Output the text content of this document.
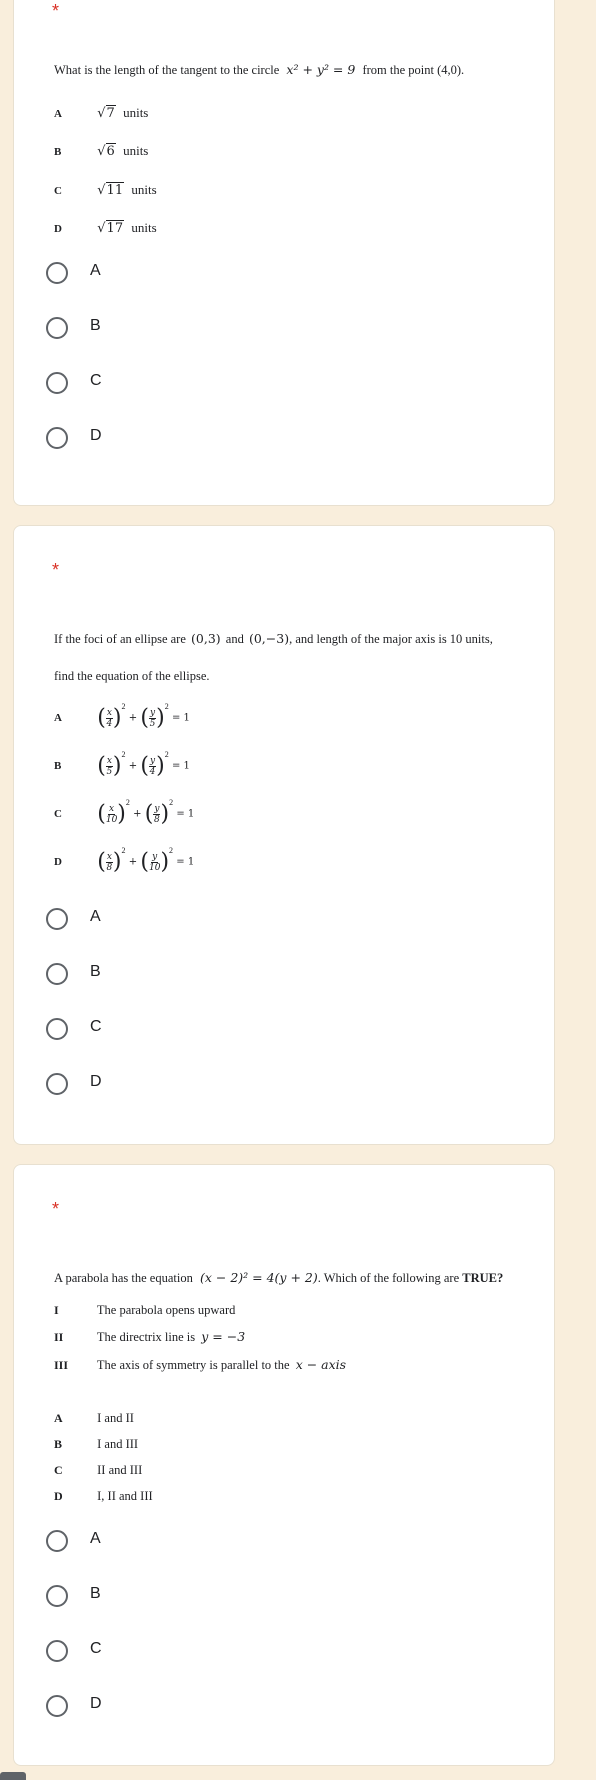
*
What is the length of the tangent to the circle x² + y² = 9 from the point (4,0).
A	√7 units
B	√6 units
C	√11 units
D	√17 units
A
B
C
D
*
If the foci of an ellipse are (0,3) and (0,−3), and length of the major axis is 10 units,
find the equation of the ellipse.
A ( $\frac{x}{4} )^2$ + ( $\frac{y}{5} )^2 = 1$
B ( $\frac{x}{5} )^2$ + ( $\frac{y}{4} )^2 = 1$
C ( $\frac{x}{10} )^2$ + ( $\frac{y}{8} )^2 = 1$
D ( $\frac{x}{8} )^2$ + ( $\frac{y}{10} )^2 = 1$
A
B
C
D
*
A parabola has the equation (x − 2)² = 4(y + 2). Which of the following are TRUE?
I	The parabola opens upward
II	The directrix line is y = −3
III The axis of symmetry is parallel to the x − axis
A	I and II
B	I and III
C	II and III
D	I, II and III
A
B
C
D
